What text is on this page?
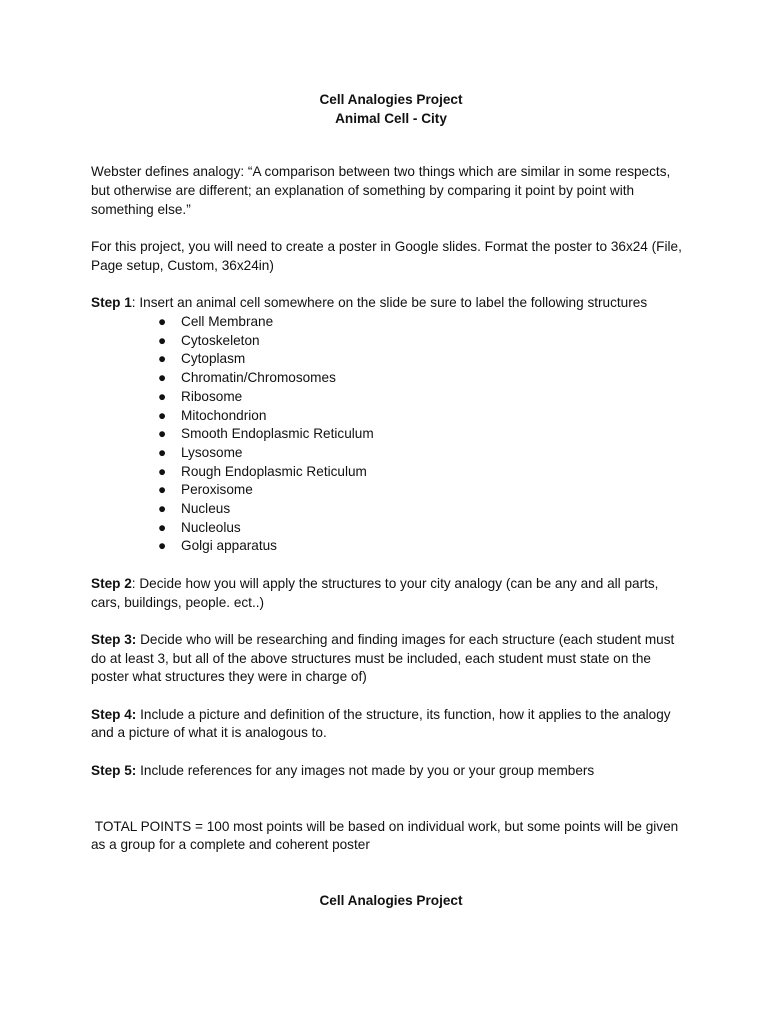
Cell Analogies Project

Animal Cell - City

Webster defines analogy: “A comparison between two things which are similar in some respects, but otherwise are different; an explanation of something by comparing it point by point with something else.”

For this project, you will need to create a poster in Google slides. Format the poster to 36x24 (File, Page setup, Custom, 36x24in)

Step 1: Insert an animal cell somewhere on the slide be sure to label the following structures

● Cell Membrane
● Cytoskeleton
● Cytoplasm
● Chromatin/Chromosomes
● Ribosome
● Mitochondrion
● Smooth Endoplasmic Reticulum
● Lysosome
● Rough Endoplasmic Reticulum
● Peroxisome
● Nucleus
● Nucleolus
● Golgi apparatus

Step 2: Decide how you will apply the structures to your city analogy (can be any and all parts, cars, buildings, people. ect..)

Step 3: Decide who will be researching and finding images for each structure (each student must do at least 3, but all of the above structures must be included, each student must state on the poster what structures they were in charge of)

Step 4: Include a picture and definition of the structure, its function, how it applies to the analogy and a picture of what it is analogous to.

Step 5: Include references for any images not made by you or your group members

TOTAL POINTS = 100 most points will be based on individual work, but some points will be given as a group for a complete and coherent poster

Cell Analogies Project
